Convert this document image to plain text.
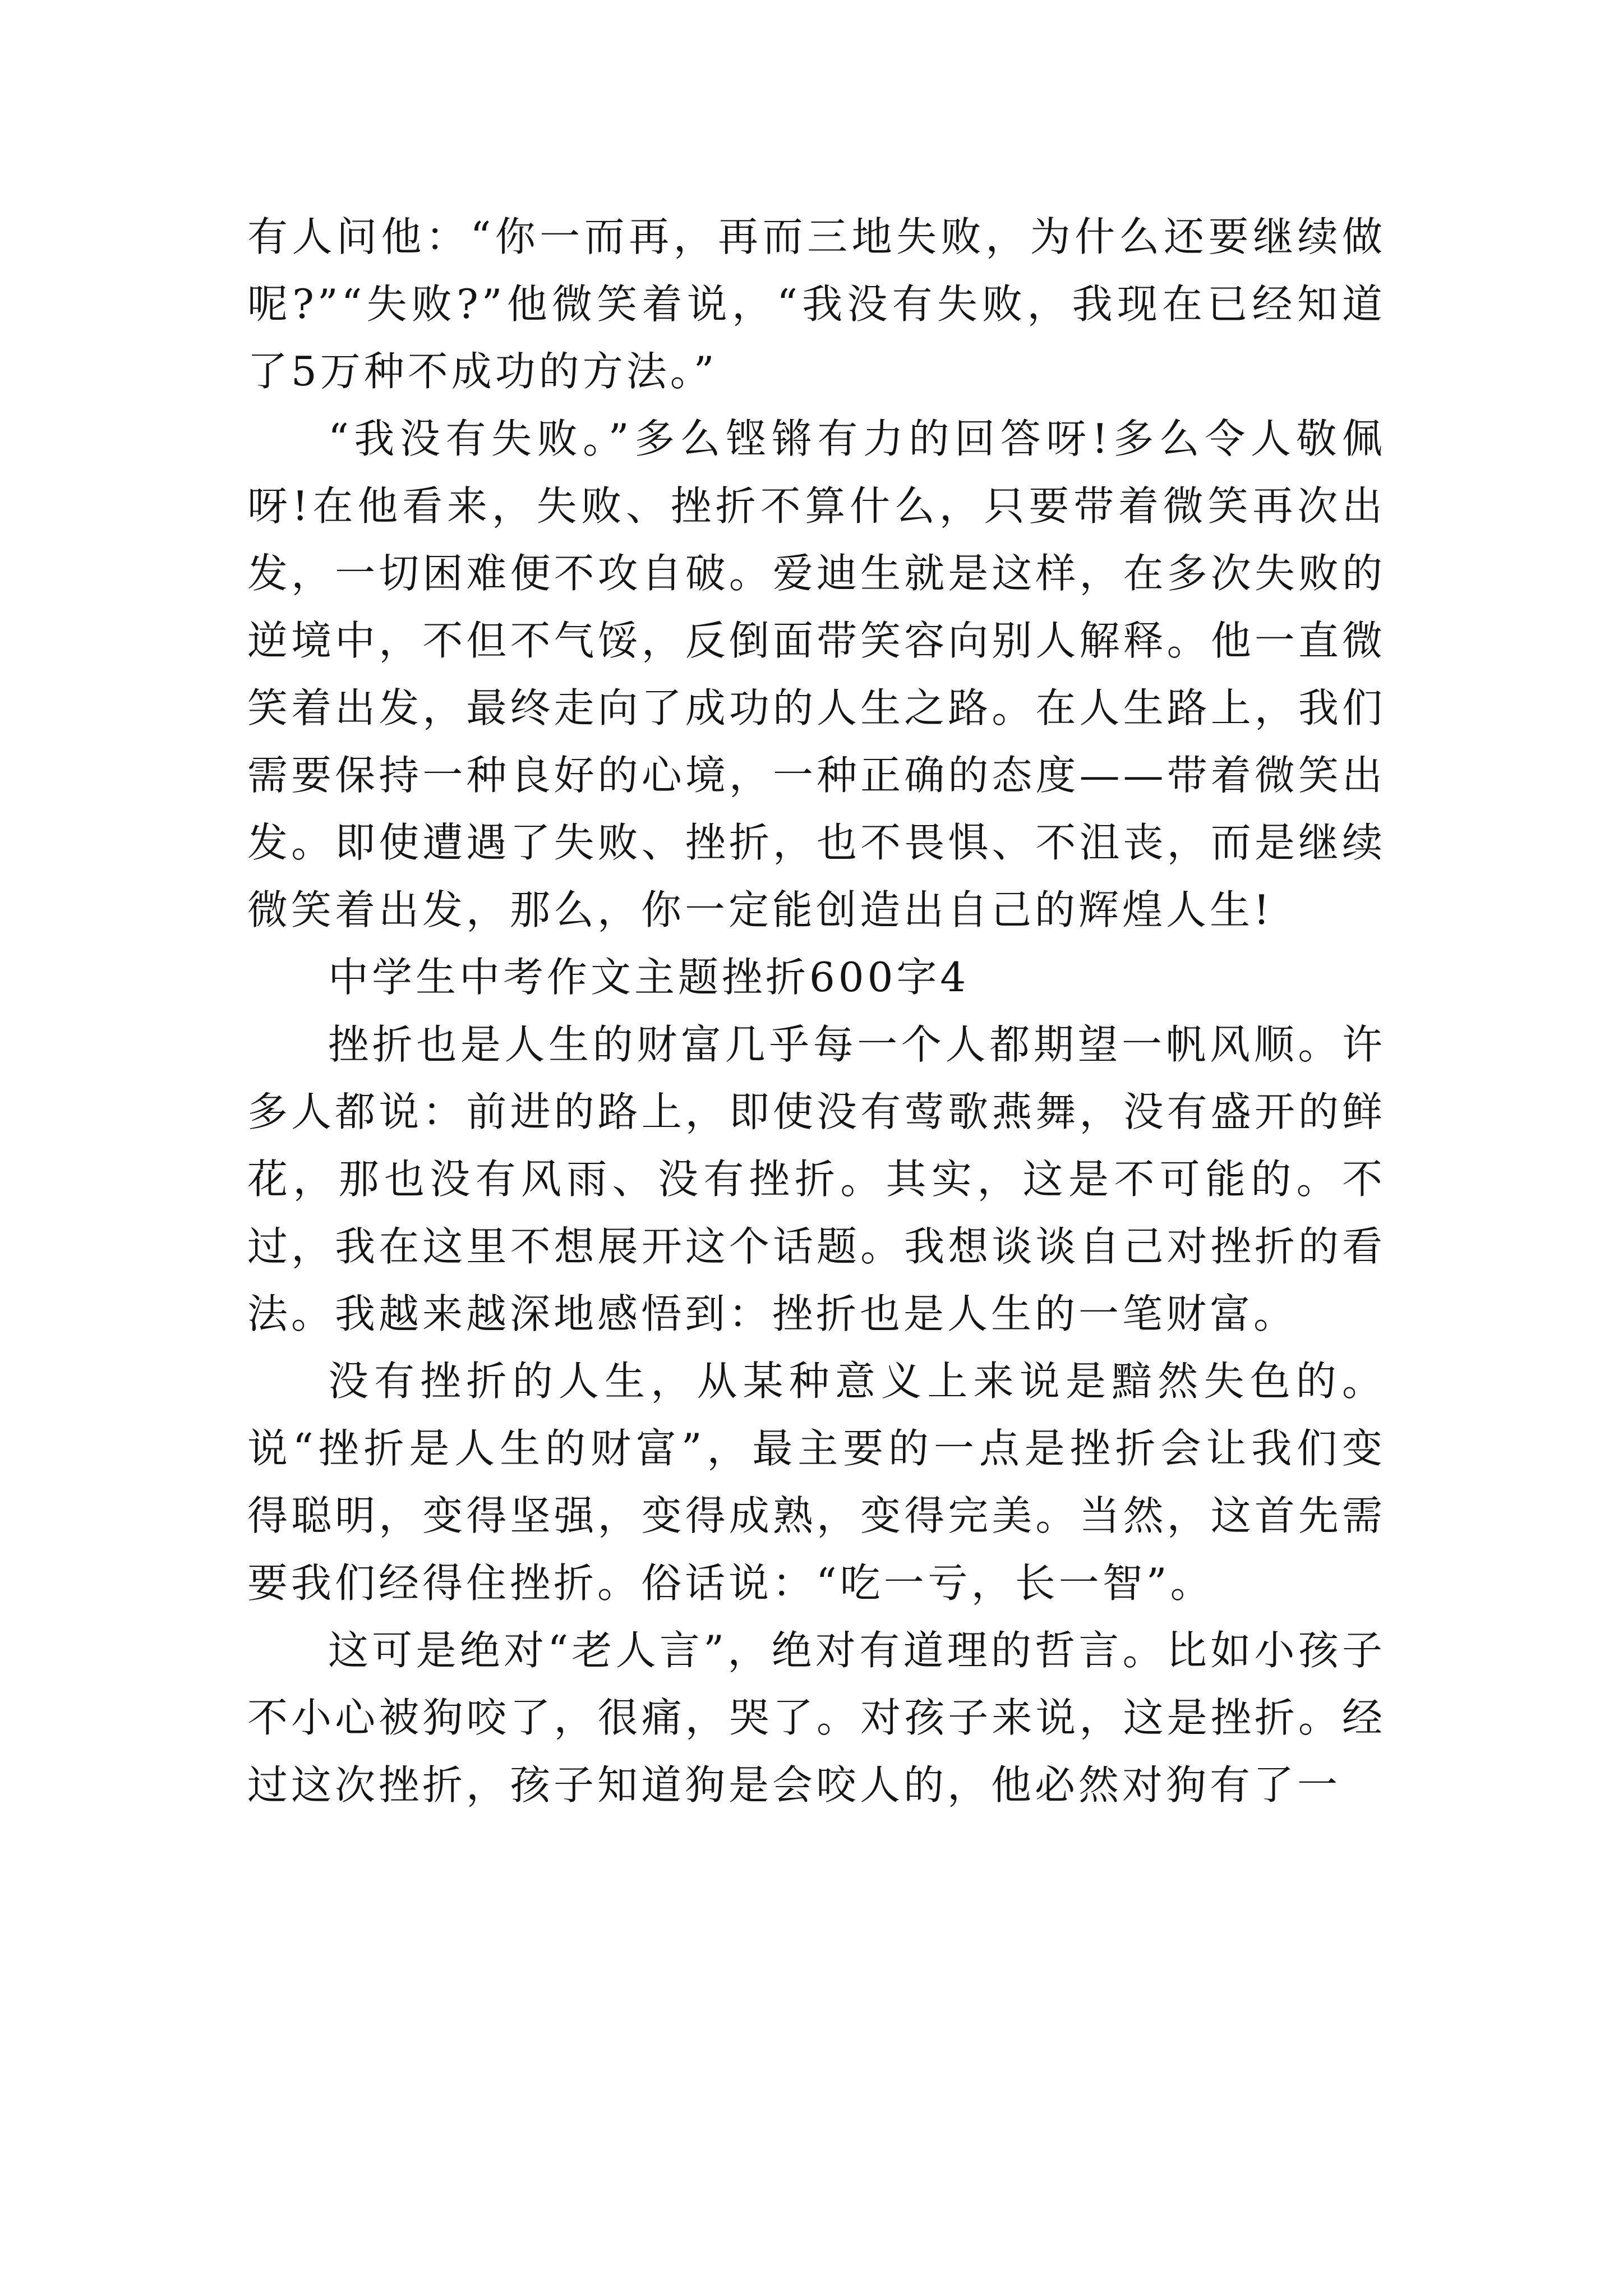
有人问他：“你一而再，再而三地失败，为什么还要继续做呢?”“失败?”他微笑着说，“我没有失败，我现在已经知道了5万种不成功的方法。”

“我没有失败。”多么铿锵有力的回答呀!多么令人敬佩呀!在他看来，失败、挫折不算什么，只要带着微笑再次出发，一切困难便不攻自破。爱迪生就是这样，在多次失败的逆境中，不但不气馁，反倒面带笑容向别人解释。他一直微笑着出发，最终走向了成功的人生之路。在人生路上，我们需要保持一种良好的心境，一种正确的态度——带着微笑出发。即使遭遇了失败、挫折，也不畏惧、不沮丧，而是继续微笑着出发，那么，你一定能创造出自己的辉煌人生!

中学生中考作文主题挫折600字4

挫折也是人生的财富几乎每一个人都期望一帆风顺。许多人都说：前进的路上，即使没有莺歌燕舞，没有盛开的鲜花，那也没有风雨、没有挫折。其实，这是不可能的。不过，我在这里不想展开这个话题。我想谈谈自己对挫折的看法。我越来越深地感悟到：挫折也是人生的一笔财富。

没有挫折的人生，从某种意义上来说是黯然失色的。说“挫折是人生的财富”，最主要的一点是挫折会让我们变得聪明，变得坚强，变得成熟，变得完美。当然，这首先需要我们经得住挫折。俗话说：“吃一亏，长一智”。

这可是绝对“老人言”，绝对有道理的哲言。比如小孩子不小心被狗咬了，很痛，哭了。对孩子来说，这是挫折。经过这次挫折，孩子知道狗是会咬人的，他必然对狗有了一
